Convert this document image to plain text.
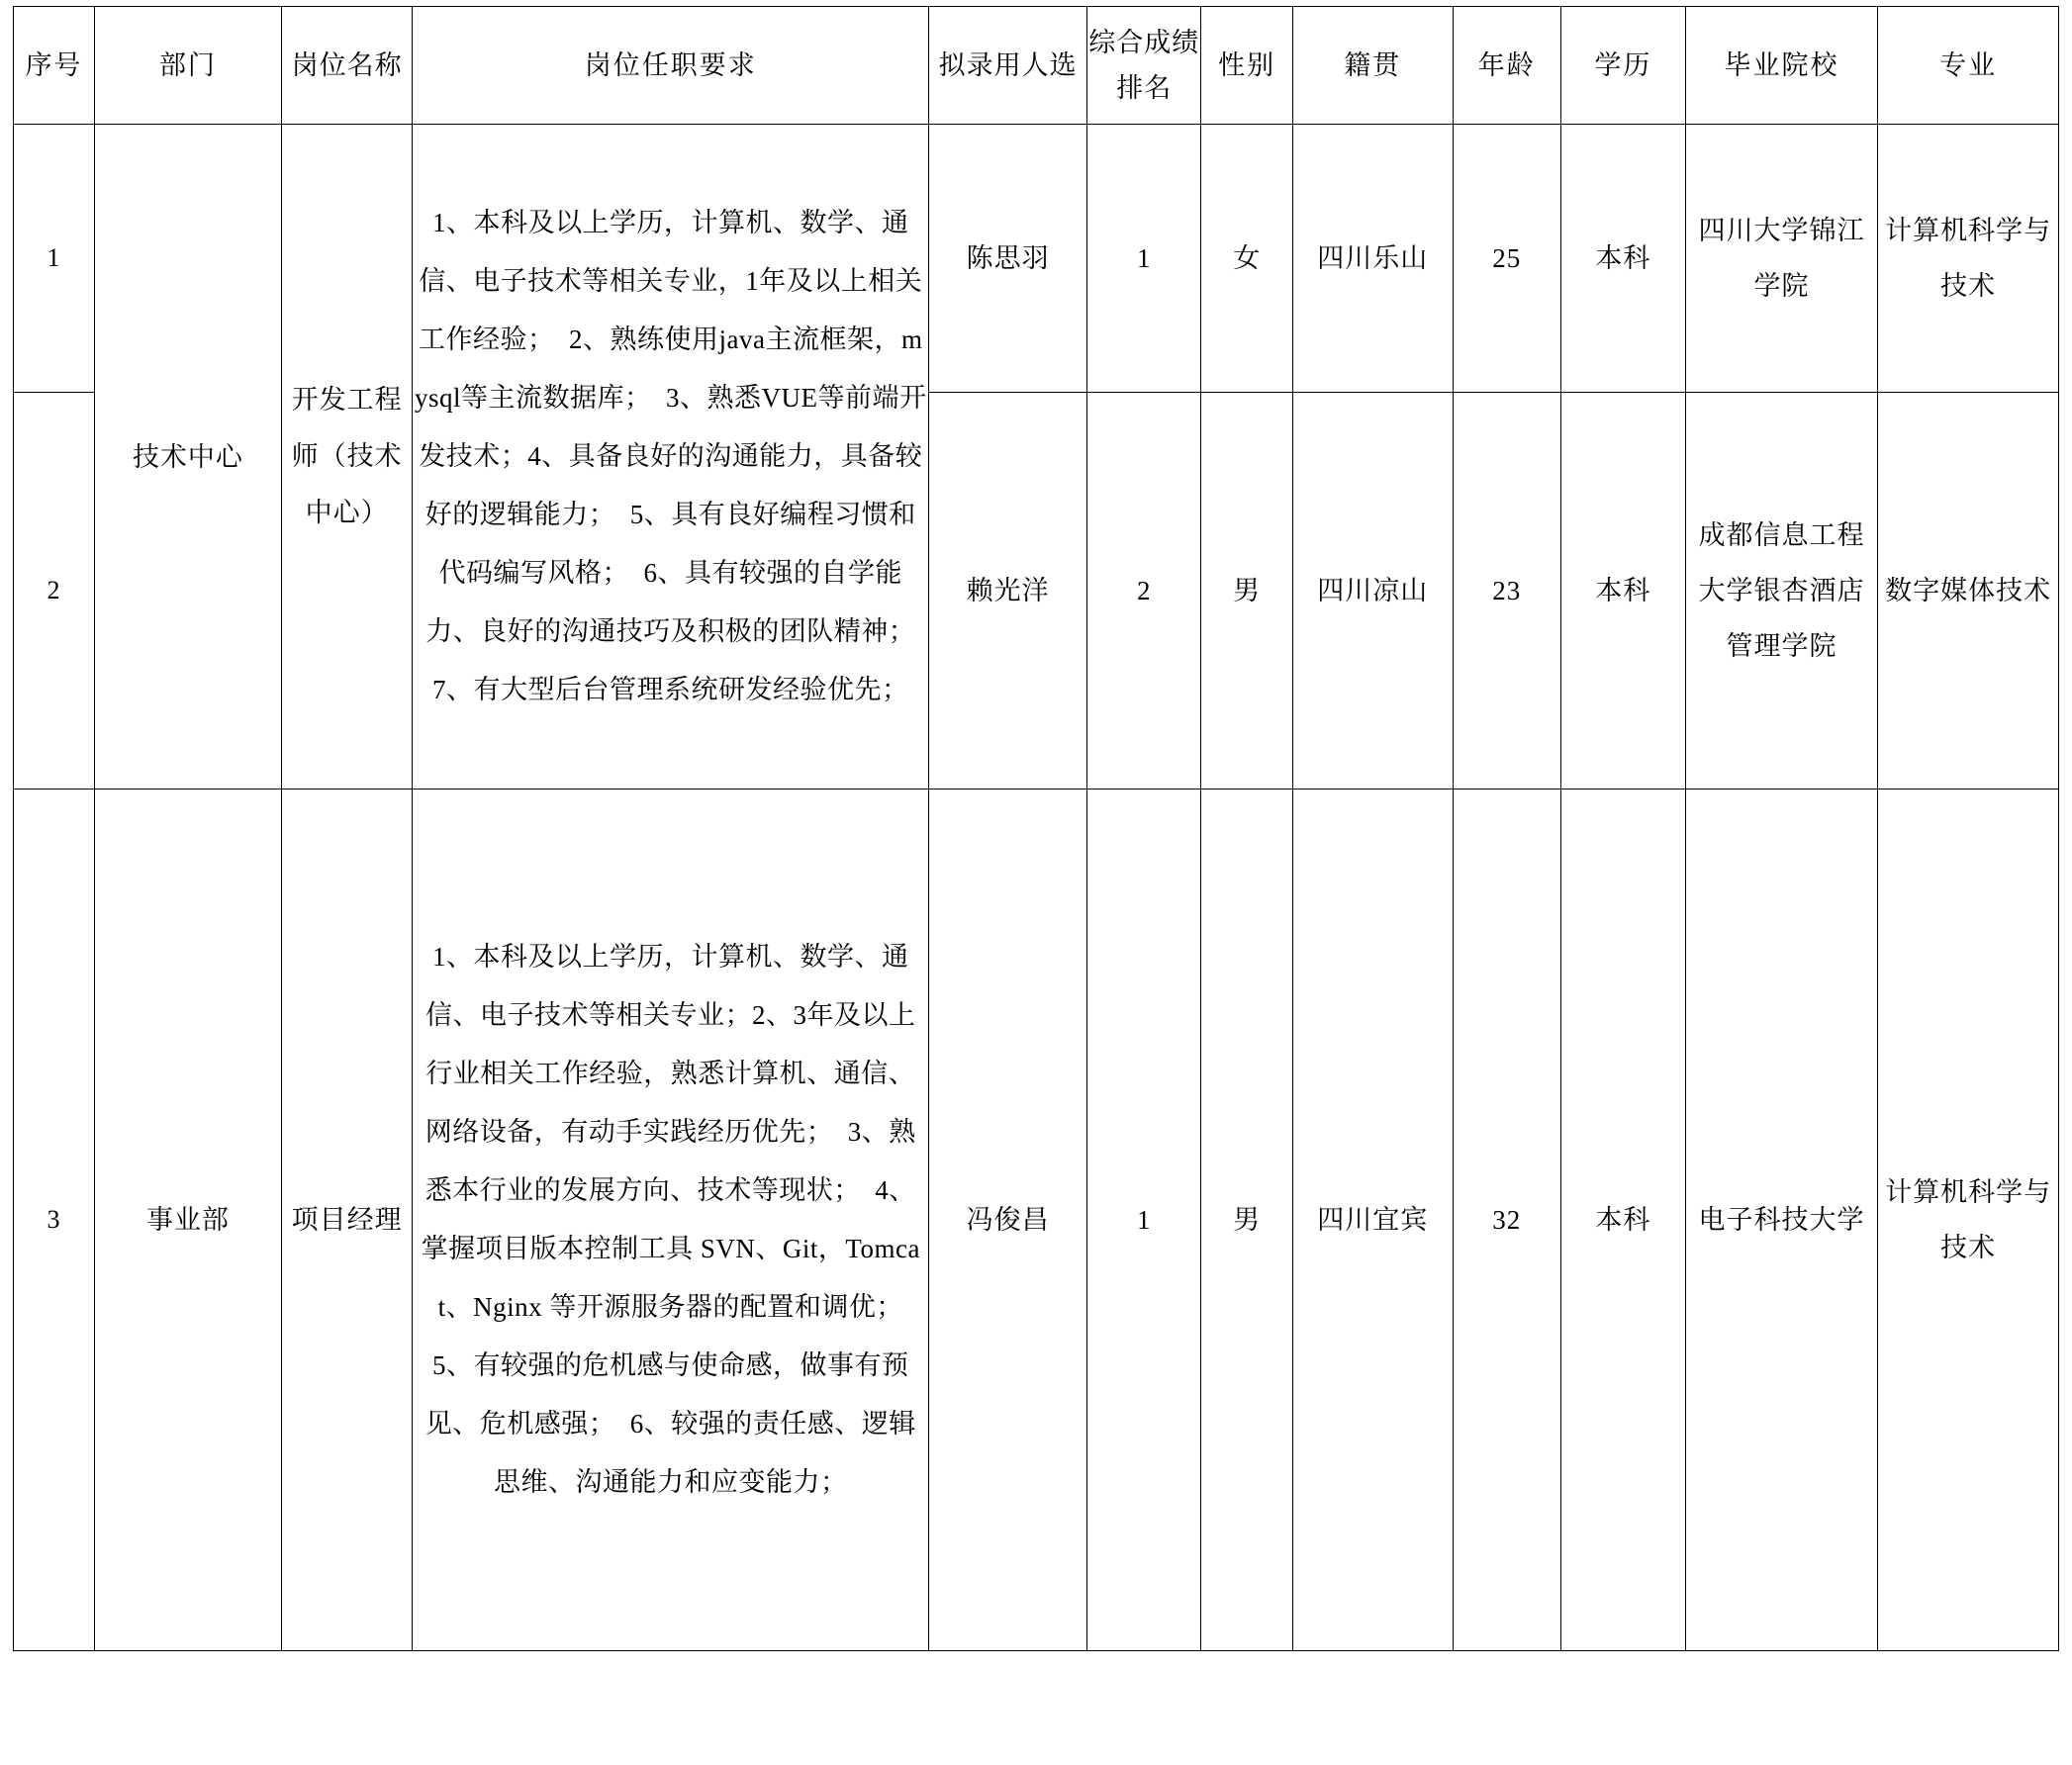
序号	部门	岗位名称	岗位任职要求	拟录用人选	综合成绩排名	性别	籍贯	年龄	学历	毕业院校	专业
1	技术中心	开发工程师（技术中心）	1、本科及以上学历，计算机、数学、通信、电子技术等相关专业，1年及以上相关工作经验；  2、熟练使用java主流框架，mysql等主流数据库；  3、熟悉VUE等前端开发技术；4、具备良好的沟通能力，具备较好的逻辑能力；  5、具有良好编程习惯和代码编写风格；  6、具有较强的自学能力、良好的沟通技巧及积极的团队精神；  7、有大型后台管理系统研发经验优先；	陈思羽	1	女	四川乐山	25	本科	四川大学锦江学院	计算机科学与技术
2				赖光洋	2	男	四川凉山	23	本科	成都信息工程大学银杏酒店管理学院	数字媒体技术
3	事业部	项目经理	1、本科及以上学历，计算机、数学、通信、电子技术等相关专业；2、3年及以上行业相关工作经验，熟悉计算机、通信、网络设备，有动手实践经历优先；  3、熟悉本行业的发展方向、技术等现状；  4、掌握项目版本控制工具 SVN、Git，Tomcat、Nginx 等开源服务器的配置和调优；  5、有较强的危机感与使命感，做事有预见、危机感强；  6、较强的责任感、逻辑思维、沟通能力和应变能力；	冯俊昌	1	男	四川宜宾	32	本科	电子科技大学	计算机科学与技术
